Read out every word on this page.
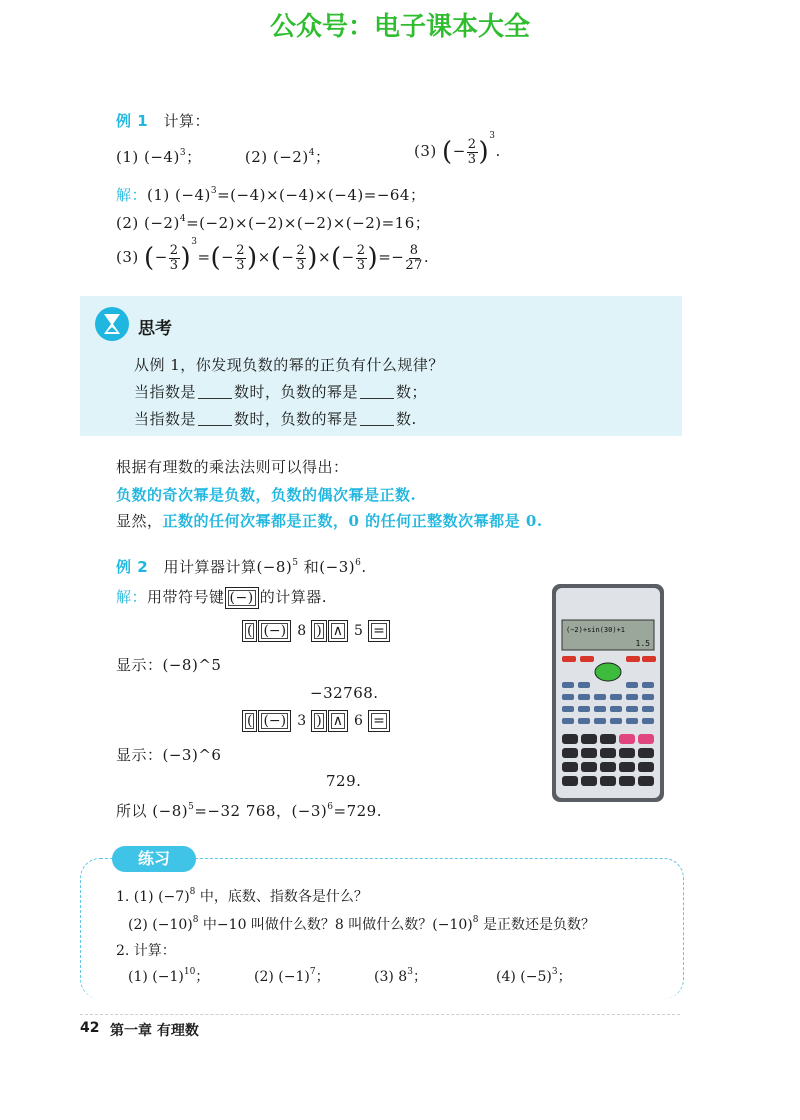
公众号：电子课本大全
例 1 计算：
(1) $(-4)^3$；	(2) $(-2)^4$；	(3) (− $\frac{2}{3} )^3$.
解：(1) $(-4)^3=(-4)\times(-4)\times(-4)=-64$；
(2) $(-2)^4=(-2)\times(-2)\times(-2)\times(-2)=16$；
(3) (− $\frac{2}{3} )^3=(- \frac{2}{3}$ )×(− $\frac{2}{3}$ )×(− $\frac{2}{3}$ )=− $\frac{8}{27}$ .
思考
从例 1，你发现负数的幂的正负有什么规律？
当指数是	数时，负数的幂是	数；
当指数是	数时，负数的幂是	数.
根据有理数的乘法法则可以得出：
负数的奇次幂是负数，负数的偶次幂是正数.
显然，正数的任何次幂都是正数，0 的任何正整数次幂都是 0.
例 2 用计算器计算$(-8)^5$ 和$(-3)^6$.
解：用带符号键 (−) 的计算器.
( (−) 8 ) ∧ 5 =
显示：(−8)^5
−32768.
( (−) 3 ) ∧ 6 =
显示：(−3)^6
729.
所以 $(-8)^5=-32$ 768，$(-3)^6=729$.
(−2)+sin(30)+1
1.5
练习
1. (1) $(-7)^8$ 中，底数、指数各是什么？
(2) $(-10)^8$ 中−10 叫做什么数？8 叫做什么数？$(-10)^8$ 是正数还是负数？
2. 计算：
(1) $(-1)^{10}$；	(2) $(-1)^7$；	(3) $8^3$；	(4) $(-5)^3$；
42 第一章 有理数
